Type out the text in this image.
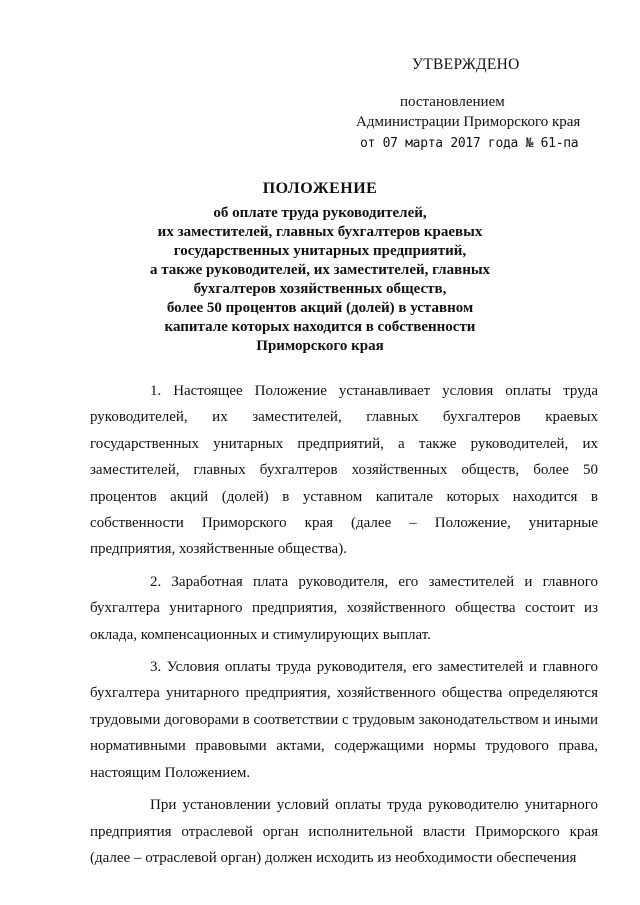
УТВЕРЖДЕНО
постановлением
Администрации Приморского края
от 07 марта 2017 года № 61-па
ПОЛОЖЕНИЕ
об оплате труда руководителей,
их заместителей, главных бухгалтеров краевых
государственных унитарных предприятий,
а также руководителей, их заместителей, главных
бухгалтеров хозяйственных обществ,
более 50 процентов акций (долей) в уставном
капитале которых находится в собственности
Приморского края

1. Настоящее Положение устанавливает условия оплаты труда руководителей, их заместителей, главных бухгалтеров краевых государственных унитарных предприятий, а также руководителей, их заместителей, главных бухгалтеров хозяйственных обществ, более 50 процентов акций (долей) в уставном капитале которых находится в собственности Приморского края (далее – Положение, унитарные предприятия, хозяйственные общества).

2. Заработная плата руководителя, его заместителей и главного бухгалтера унитарного предприятия, хозяйственного общества состоит из оклада, компенсационных и стимулирующих выплат.

3. Условия оплаты труда руководителя, его заместителей и главного бухгалтера унитарного предприятия, хозяйственного общества определяются трудовыми договорами в соответствии с трудовым законодательством и иными нормативными правовыми актами, содержащими нормы трудового права, настоящим Положением.

При установлении условий оплаты труда руководителю унитарного предприятия отраслевой орган исполнительной власти Приморского края (далее – отраслевой орган) должен исходить из необходимости обеспечения
